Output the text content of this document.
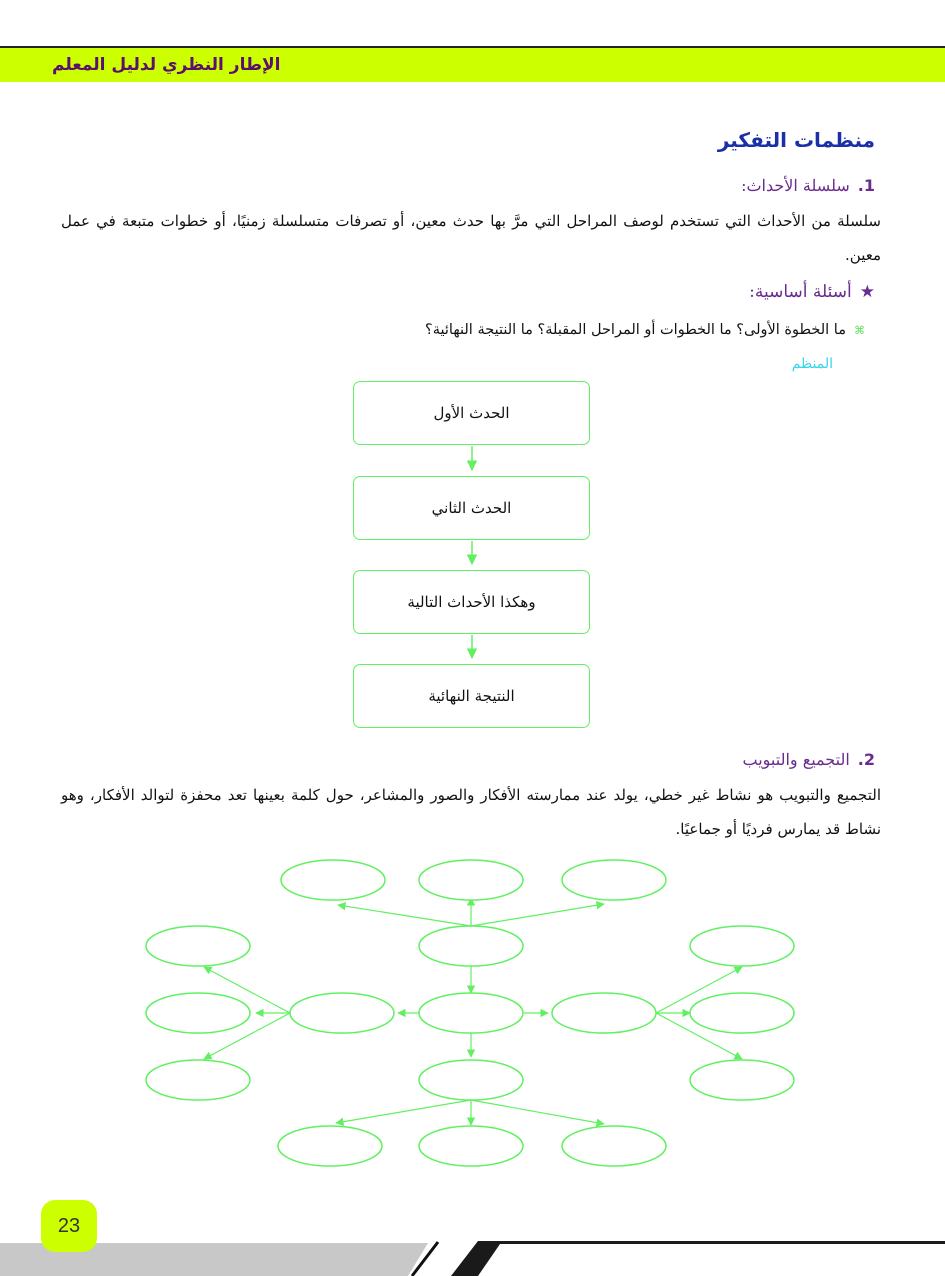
الإطار النظري لدليل المعلم
منظمات التفكير
1.سلسلة الأحداث:
سلسلة من الأحداث التي تستخدم لوصف المراحل التي مرَّ بها حدث معين، أو تصرفات متسلسلة زمنيًا، أو خطوات متبعة في عمل معين.
★أسئلة أساسية:
⌘ما الخطوة الأولى؟ ما الخطوات أو المراحل المقبلة؟ ما النتيجة النهائية؟
المنظم
الحدث الأول
الحدث الثاني
وهكذا الأحداث التالية
النتيجة النهائية
2.التجميع والتبويب
التجميع والتبويب هو نشاط غير خطي، يولد عند ممارسته الأفكار والصور والمشاعر، حول كلمة بعينها تعد محفزة لتوالد الأفكار، وهو نشاط قد يمارس فرديًا أو جماعيًا.
23
